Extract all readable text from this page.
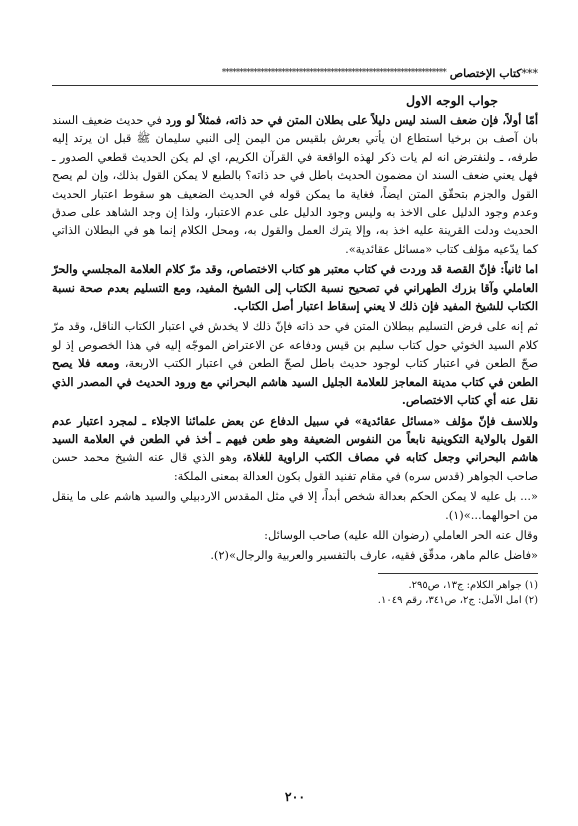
***
كتاب الإختصاص
****************************************************************
جواب الوجه الاول

أمّا أولاً، فإن ضعف السند ليس دليلاً على بطلان المتن في حد ذاته، فمثلاً لو ورد في حديث ضعيف السند بان آصف بن برخيا استطاع ان يأتي بعرش بلقيس من اليمن إلى النبي سليمان ﷺ قبل ان يرتد إليه طرفه، ـ ولنفترض انه لم يات ذكر لهذه الواقعة في القرآن الكريم، اي لم يكن الحديث قطعي الصدور ـ فهل يعني ضعف السند ان مضمون الحديث باطل في حد ذاته؟ بالطبع لا يمكن القول بذلك، وإن لم يصح القول والجزم بتحقّق المتن ايضاً، فغاية ما يمكن قوله في الحديث الضعيف هو سقوط اعتبار الحديث وعدم وجود الدليل على الاخذ به وليس وجود الدليل على عدم الاعتبار، ولذا إن وجد الشاهد على صدق الحديث ودلت القرينة عليه اخذ به، وإلا يترك العمل والقول به، ومحل الكلام إنما هو في البطلان الذاتي كما يدّعيه مؤلف كتاب «مسائل عقائدية».

اما ثانياً: فإنّ القصة قد وردت في كتاب معتبر هو كتاب الاختصاص، وقد مرّ كلام العلامة المجلسي والحرّ العاملي وآقا بزرك الطهراني في تصحيح نسبة الكتاب إلى الشيخ المفيد، ومع التسليم بعدم صحة نسبة الكتاب للشيخ المفيد فإن ذلك لا يعني إسقاط اعتبار أصل الكتاب.

ثم إنه على فرض التسليم ببطلان المتن في حد ذاته فإنّ ذلك لا يخدش في اعتبار الكتاب الناقل، وقد مرّ كلام السيد الخوئي حول كتاب سليم بن قيس ودفاعه عن الاعتراض الموجّه إليه في هذا الخصوص إذ لو صحّ الطعن في اعتبار كتاب لوجود حديث باطل لصحّ الطعن في اعتبار الكتب الاربعة، ومعه فلا يصح الطعن في كتاب مدينة المعاجز للعلامة الجليل السيد هاشم البحراني مع ورود الحديث في المصدر الذي نقل عنه أي كتاب الاختصاص.

وللاسف فإنّ مؤلف «مسائل عقائدية» في سبيل الدفاع عن بعض علمائنا الاجلاء ـ لمجرد اعتبار عدم القول بالولاية التكوينية نابعاً من النفوس الضعيفة وهو طعن فيهم ـ أخذ في الطعن في العلامة السيد هاشم البحراني وجعل كتابه في مصاف الكتب الراوية للغلاة، وهو الذي قال عنه الشيخ محمد حسن صاحب الجواهر (قدس سره) في مقام تفنيد القول بكون العدالة بمعنى الملكة:

«... بل عليه لا يمكن الحكم بعدالة شخص أبداً، إلا في مثل المقدس الاردبيلي والسيد هاشم على ما ينقل من احوالهما...»(١).

وقال عنه الحر العاملي (رضوان الله عليه) صاحب الوسائل:

«فاضل عالم ماهر، مدقّق فقيه، عارف بالتفسير والعربية والرجال»(٢).

(١) جواهر الكلام: ج١٣، ص٢٩٥.
(٢) امل الآمل: ج٢، ص٣٤١، رقم ١٠٤٩.
٢٠٠
